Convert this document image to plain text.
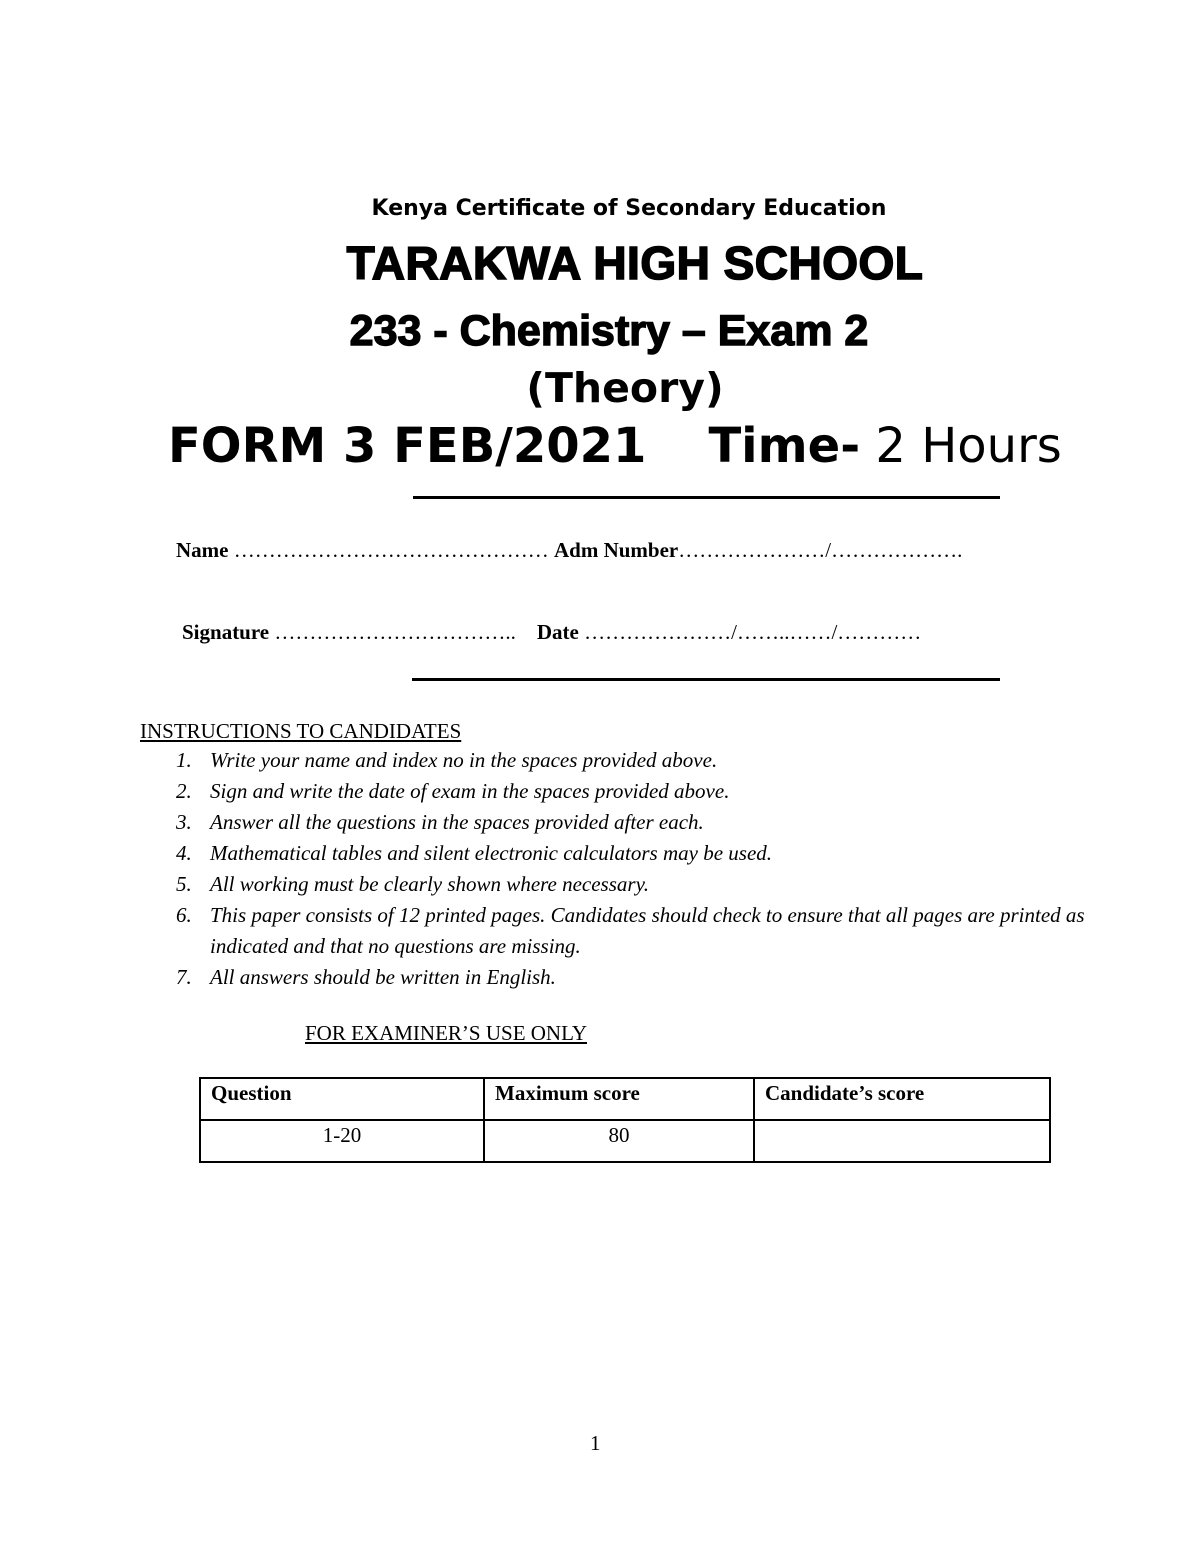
Kenya Certificate of Secondary Education
TARAKWA HIGH SCHOOL
233 - Chemistry – Exam 2
(Theory)
FORM 3 FEB/2021 Time- 2 Hours
Name ……………………………………… Adm Number…………………/……………….
Signature …………………………….. Date …………………/……..……/…………
INSTRUCTIONS TO CANDIDATES
1. Write your name and index no in the spaces provided above.
2. Sign and write the date of exam in the spaces provided above.
3. Answer all the questions in the spaces provided after each.
4. Mathematical tables and silent electronic calculators may be used.
5. All working must be clearly shown where necessary.
6. This paper consists of 12 printed pages. Candidates should check to ensure that all pages are printed as indicated and that no questions are missing.
7. All answers should be written in English.
FOR EXAMINER’S USE ONLY
Question	Maximum score	Candidate’s score
1-20	80	
1
